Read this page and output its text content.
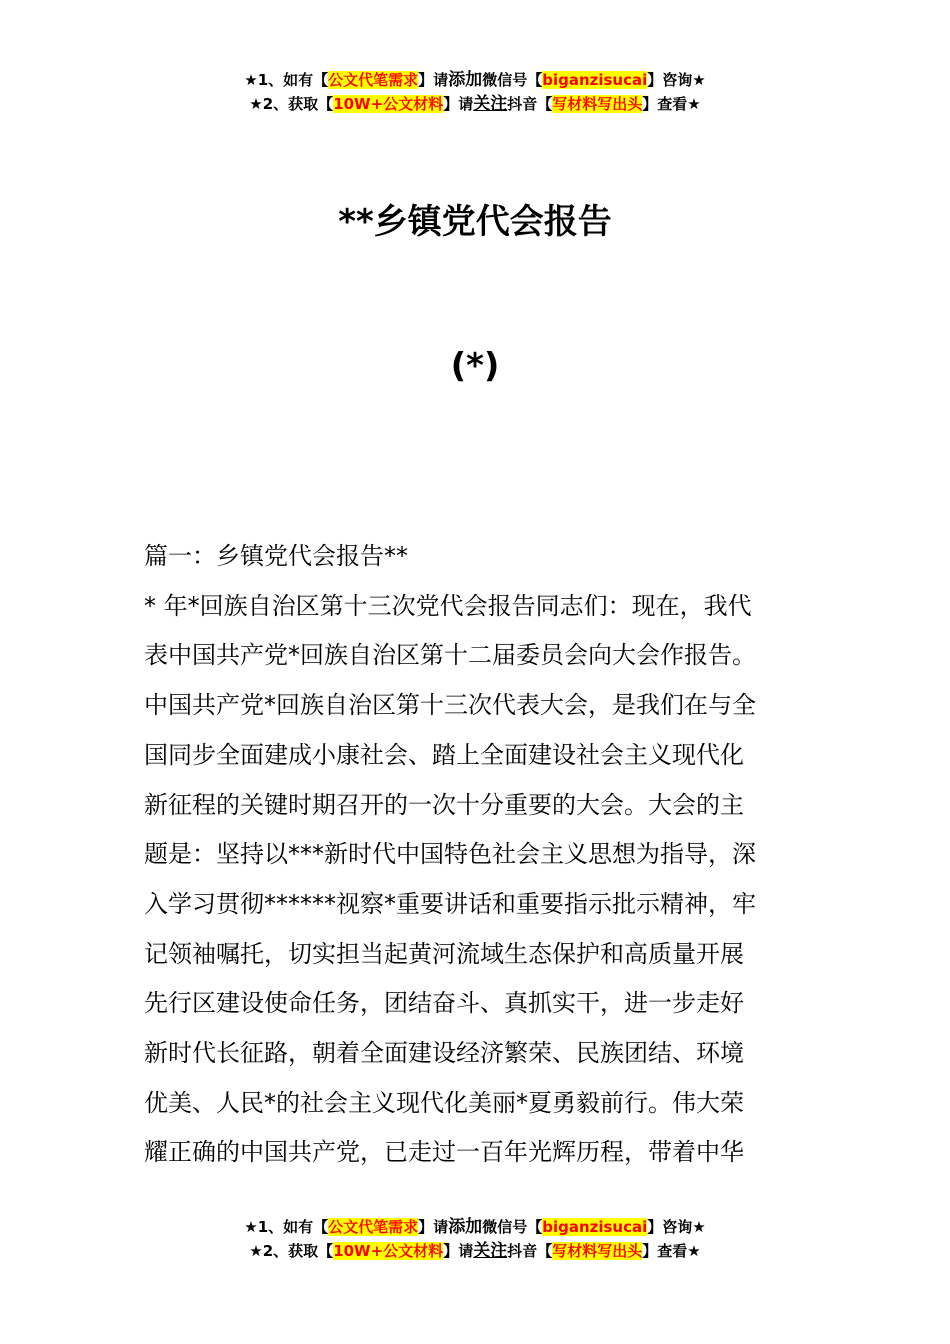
★1、如有【公文代笔需求】请添加微信号【biganzisucai】咨询★
★2、获取【10W+公文材料】请关注抖音【写材料写出头】查看★
**乡镇党代会报告
(*)

篇一：乡镇党代会报告**

* 年*回族自治区第十三次党代会报告同志们：现在，我代

表中国共产党*回族自治区第十二届委员会向大会作报告。

中国共产党*回族自治区第十三次代表大会，是我们在与全

国同步全面建成小康社会、踏上全面建设社会主义现代化

新征程的关键时期召开的一次十分重要的大会。大会的主

题是：坚持以***新时代中国特色社会主义思想为指导，深

入学习贯彻******视察*重要讲话和重要指示批示精神，牢

记领袖嘱托，切实担当起黄河流域生态保护和高质量开展

先行区建设使命任务，团结奋斗、真抓实干，进一步走好

新时代长征路，朝着全面建设经济繁荣、民族团结、环境

优美、人民*的社会主义现代化美丽*夏勇毅前行。伟大荣

耀正确的中国共产党，已走过一百年光辉历程，带着中华

★1、如有【公文代笔需求】请添加微信号【biganzisucai】咨询★
★2、获取【10W+公文材料】请关注抖音【写材料写出头】查看★
